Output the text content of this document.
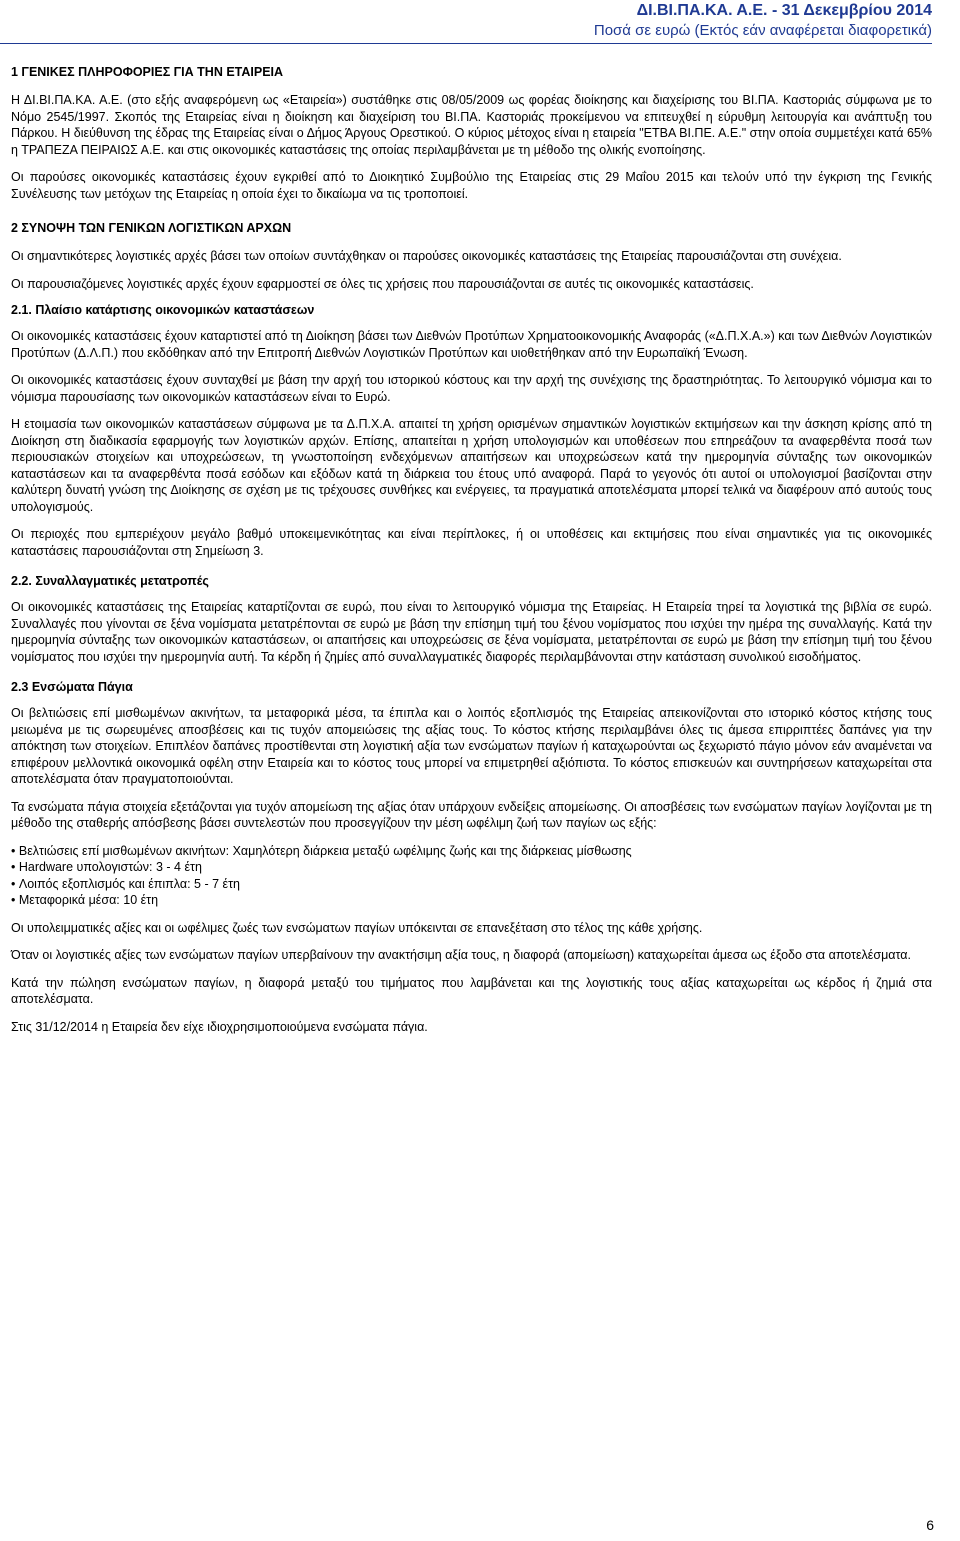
ΔΙ.ΒΙ.ΠΑ.ΚΑ. Α.Ε. - 31 Δεκεμβρίου 2014
Ποσά σε ευρώ (Εκτός εάν αναφέρεται διαφορετικά)
1 ΓΕΝΙΚΕΣ ΠΛΗΡΟΦΟΡΙΕΣ ΓΙΑ ΤΗΝ ΕΤΑΙΡΕΙΑ

Η ΔΙ.ΒΙ.ΠΑ.ΚΑ. Α.Ε. (στο εξής αναφερόμενη ως «Εταιρεία») συστάθηκε στις 08/05/2009 ως φορέας διοίκησης και διαχείρισης του ΒΙ.ΠΑ. Καστοριάς σύμφωνα με το Νόμο 2545/1997. Σκοπός της Εταιρείας είναι η διοίκηση και διαχείριση του ΒΙ.ΠΑ. Καστοριάς προκείμενου να επιτευχθεί η εύρυθμη λειτουργία και ανάπτυξη του Πάρκου. Η διεύθυνση της έδρας της Εταιρείας είναι ο Δήμος Άργους Ορεστικού. Ο κύριος μέτοχος είναι η εταιρεία "ΕΤΒΑ ΒΙ.ΠΕ. Α.Ε." στην οποία συμμετέχει κατά 65% η ΤΡΑΠΕΖΑ ΠΕΙΡΑΙΩΣ Α.Ε. και στις οικονομικές καταστάσεις της οποίας περιλαμβάνεται με τη μέθοδο της ολικής ενοποίησης.

Οι παρούσες οικονομικές καταστάσεις έχουν εγκριθεί από το Διοικητικό Συμβούλιο της Εταιρείας στις 29 Μαΐου 2015 και τελούν υπό την έγκριση της Γενικής Συνέλευσης των μετόχων της Εταιρείας η οποία έχει το δικαίωμα να τις τροποποιεί.

2 ΣΥΝΟΨΗ ΤΩΝ ΓΕΝΙΚΩΝ ΛΟΓΙΣΤΙΚΩΝ ΑΡΧΩΝ

Οι σημαντικότερες λογιστικές αρχές βάσει των οποίων συντάχθηκαν οι παρούσες οικονομικές καταστάσεις της Εταιρείας παρουσιάζονται στη συνέχεια.

Οι παρουσιαζόμενες λογιστικές αρχές έχουν εφαρμοστεί σε όλες τις χρήσεις που παρουσιάζονται σε αυτές τις οικονομικές καταστάσεις.

2.1. Πλαίσιο κατάρτισης οικονομικών καταστάσεων

Οι οικονομικές καταστάσεις έχουν καταρτιστεί από τη Διοίκηση βάσει των Διεθνών Προτύπων Χρηματοοικονομικής Αναφοράς («Δ.Π.Χ.Α.») και των Διεθνών Λογιστικών Προτύπων (Δ.Λ.Π.) που εκδόθηκαν από την Επιτροπή Διεθνών Λογιστικών Προτύπων και υιοθετήθηκαν από την Ευρωπαϊκή Ένωση.

Οι οικονομικές καταστάσεις έχουν συνταχθεί με βάση την αρχή του ιστορικού κόστους και την αρχή της συνέχισης της δραστηριότητας. Το λειτουργικό νόμισμα και το νόμισμα παρουσίασης των οικονομικών καταστάσεων είναι το Ευρώ.

Η ετοιμασία των οικονομικών καταστάσεων σύμφωνα με τα Δ.Π.Χ.Α. απαιτεί τη χρήση ορισμένων σημαντικών λογιστικών εκτιμήσεων και την άσκηση κρίσης από τη Διοίκηση στη διαδικασία εφαρμογής των λογιστικών αρχών. Επίσης, απαιτείται η χρήση υπολογισμών και υποθέσεων που επηρεάζουν τα αναφερθέντα ποσά των περιουσιακών στοιχείων και υποχρεώσεων, τη γνωστοποίηση ενδεχόμενων απαιτήσεων και υποχρεώσεων κατά την ημερομηνία σύνταξης των οικονομικών καταστάσεων και τα αναφερθέντα ποσά εσόδων και εξόδων κατά τη διάρκεια του έτους υπό αναφορά. Παρά το γεγονός ότι αυτοί οι υπολογισμοί βασίζονται στην καλύτερη δυνατή γνώση της Διοίκησης σε σχέση με τις τρέχουσες συνθήκες και ενέργειες, τα πραγματικά αποτελέσματα μπορεί τελικά να διαφέρουν από αυτούς τους υπολογισμούς.

Οι περιοχές που εμπεριέχουν μεγάλο βαθμό υποκειμενικότητας και είναι περίπλοκες, ή οι υποθέσεις και εκτιμήσεις που είναι σημαντικές για τις οικονομικές καταστάσεις παρουσιάζονται στη Σημείωση 3.

2.2. Συναλλαγματικές μετατροπές

Οι οικονομικές καταστάσεις της Εταιρείας καταρτίζονται σε ευρώ, που είναι το λειτουργικό νόμισμα της Εταιρείας. Η Εταιρεία τηρεί τα λογιστικά της βιβλία σε ευρώ. Συναλλαγές που γίνονται σε ξένα νομίσματα μετατρέπονται σε ευρώ με βάση την επίσημη τιμή του ξένου νομίσματος που ισχύει την ημέρα της συναλλαγής. Κατά την ημερομηνία σύνταξης των οικονομικών καταστάσεων, οι απαιτήσεις και υποχρεώσεις σε ξένα νομίσματα, μετατρέπονται σε ευρώ με βάση την επίσημη τιμή του ξένου νομίσματος που ισχύει την ημερομηνία αυτή. Τα κέρδη ή ζημίες από συναλλαγματικές διαφορές περιλαμβάνονται στην κατάσταση συνολικού εισοδήματος.

2.3 Ενσώματα Πάγια

Οι βελτιώσεις επί μισθωμένων ακινήτων, τα μεταφορικά μέσα, τα έπιπλα και ο λοιπός εξοπλισμός της Εταιρείας απεικονίζονται στο ιστορικό κόστος κτήσης τους μειωμένα με τις σωρευμένες αποσβέσεις και τις τυχόν απομειώσεις της αξίας τους. Το κόστος κτήσης περιλαμβάνει όλες τις άμεσα επιρριπτέες δαπάνες για την απόκτηση των στοιχείων. Επιπλέον δαπάνες προστίθενται στη λογιστική αξία των ενσώματων παγίων ή καταχωρούνται ως ξεχωριστό πάγιο μόνον εάν αναμένεται να επιφέρουν μελλοντικά οικονομικά οφέλη στην Εταιρεία και το κόστος τους μπορεί να επιμετρηθεί αξιόπιστα. Το κόστος επισκευών και συντηρήσεων καταχωρείται στα αποτελέσματα όταν πραγματοποιούνται.

Τα ενσώματα πάγια στοιχεία εξετάζονται για τυχόν απομείωση της αξίας όταν υπάρχουν ενδείξεις απομείωσης. Οι αποσβέσεις των ενσώματων παγίων λογίζονται με τη μέθοδο της σταθερής απόσβεσης βάσει συντελεστών που προσεγγίζουν την μέση ωφέλιμη ζωή των παγίων ως εξής:

• Βελτιώσεις επί μισθωμένων ακινήτων: Χαμηλότερη διάρκεια μεταξύ ωφέλιμης ζωής και της διάρκειας μίσθωσης
• Hardware υπολογιστών: 3 - 4 έτη
• Λοιπός εξοπλισμός και έπιπλα: 5 - 7 έτη
• Μεταφορικά μέσα: 10 έτη

Οι υπολειμματικές αξίες και οι ωφέλιμες ζωές των ενσώματων παγίων υπόκεινται σε επανεξέταση στο τέλος της κάθε χρήσης.

Όταν οι λογιστικές αξίες των ενσώματων παγίων υπερβαίνουν την ανακτήσιμη αξία τους, η διαφορά (απομείωση) καταχωρείται άμεσα ως έξοδο στα αποτελέσματα.

Κατά την πώληση ενσώματων παγίων, η διαφορά μεταξύ του τιμήματος που λαμβάνεται και της λογιστικής τους αξίας καταχωρείται ως κέρδος ή ζημιά στα αποτελέσματα.

Στις 31/12/2014 η Εταιρεία δεν είχε ιδιοχρησιμοποιούμενα ενσώματα πάγια.

6
